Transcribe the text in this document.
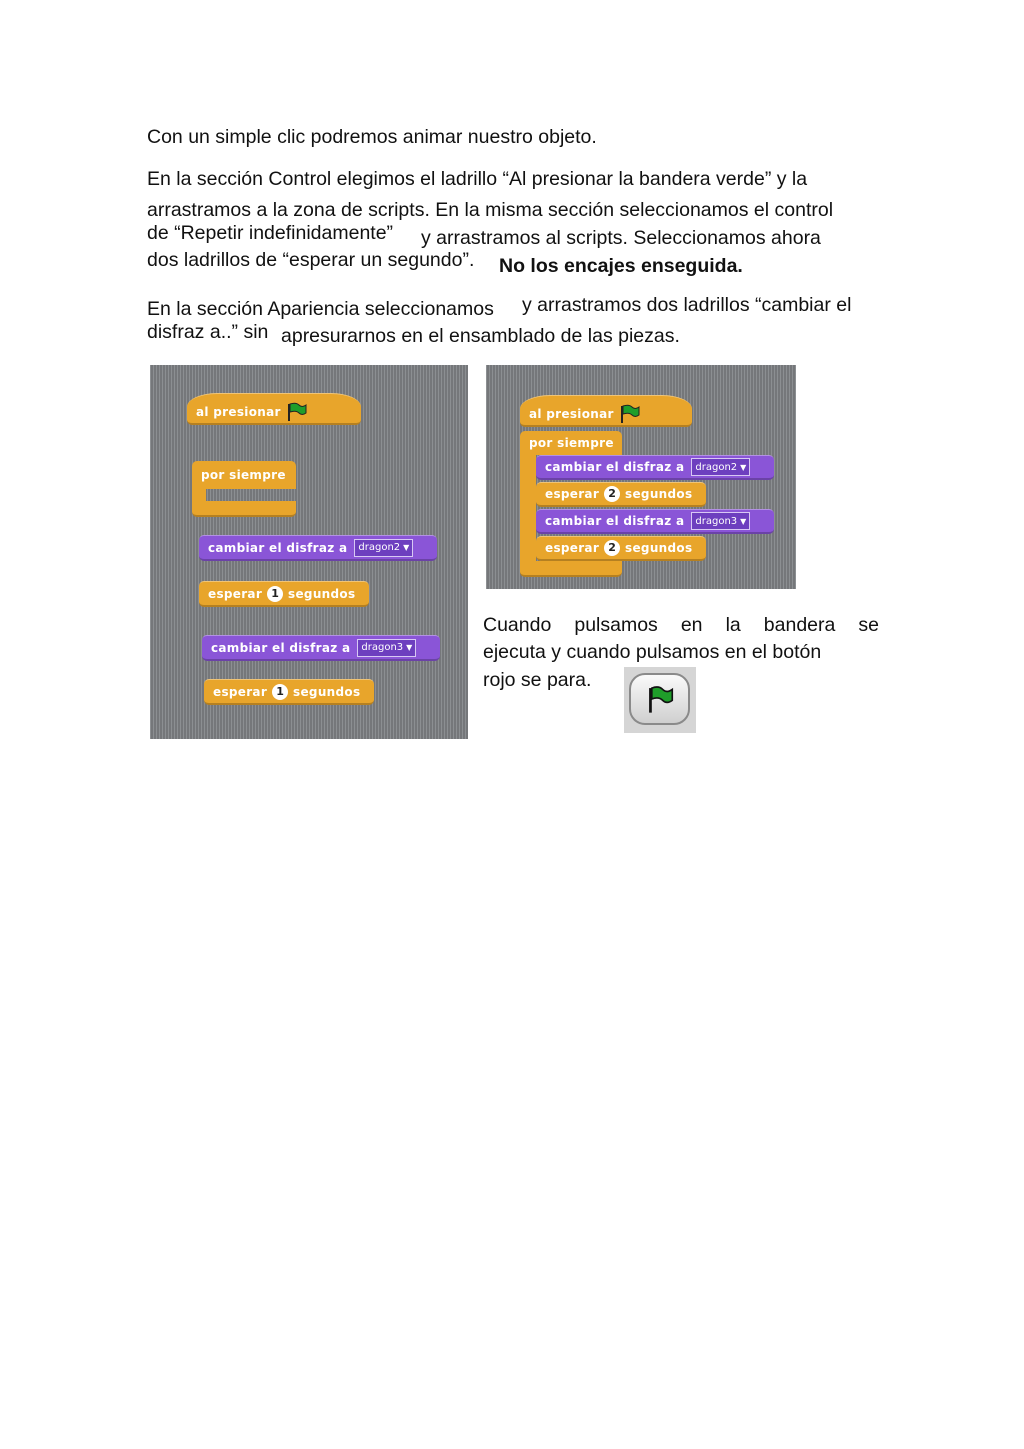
Con un simple clic podremos animar nuestro objeto.

En la sección Control elegimos el ladrillo “Al presionar la bandera verde” y la

arrastramos a la zona de scripts. En la misma sección seleccionamos el control

de “Repetir indefinidamente” y arrastramos al scripts. Seleccionamos ahora

dos ladrillos de “esperar un segundo”. No los encajes enseguida.

En la sección Apariencia seleccionamos y arrastramos dos ladrillos “cambiar el

disfraz a..” sin apresurarnos en el ensamblado de las piezas.

al presionar
por siempre
cambiar el disfraz a dragon2 ▼
esperar 1 segundos
cambiar el disfraz a dragon3 ▼
esperar 1 segundos
al presionar
por siempre
cambiar el disfraz a dragon2 ▼
esperar 2 segundos
cambiar el disfraz a dragon3 ▼
esperar 2 segundos

Cuando pulsamos en la bandera se

ejecuta y cuando pulsamos en el botón

rojo se para.
